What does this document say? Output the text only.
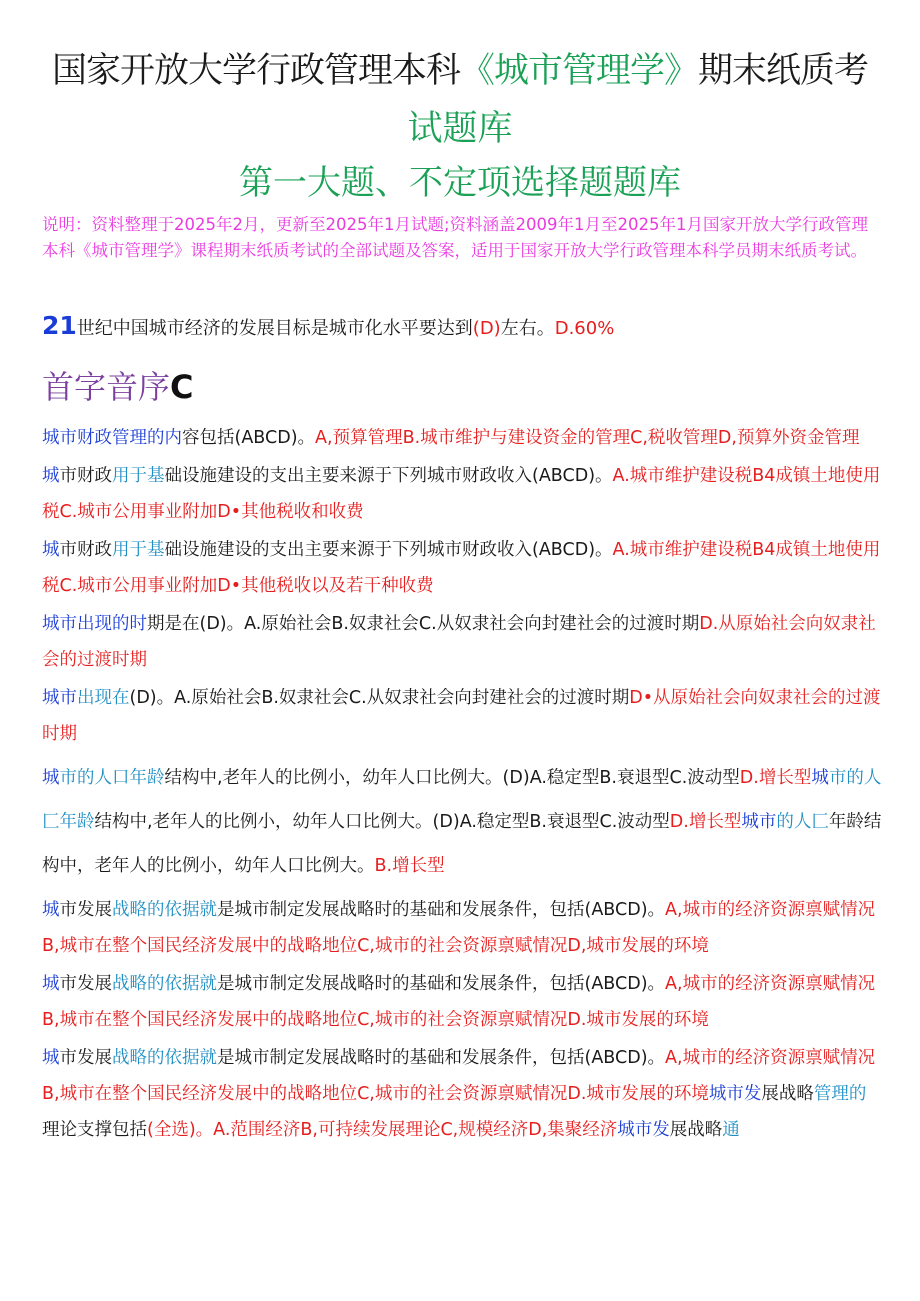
国家开放大学行政管理本科《城市管理学》期末纸质考
试题库
第一大题、不定项选择题题库
说明：资料整理于2025年2月，更新至2025年1月试题;资料涵盖2009年1月至2025年1月国家开放大学行政管理本科《城市管理学》课程期末纸质考试的全部试题及答案，适用于国家开放大学行政管理本科学员期末纸质考试。
21世纪中国城市经济的发展目标是城市化水平要达到(D)左右。D.60%
首字音序C

城市财政管理的内容包括(ABCD)。A,预算管理B.城市维护与建设资金的管理C,税收管理D,预算外资金管理

城市财政用于基础设施建设的支出主要来源于下列城市财政收入(ABCD)。A.城市维护建设税B4成镇土地使用税C.城市公用事业附加D•其他税收和收费

城市财政用于基础设施建设的支出主要来源于下列城市财政收入(ABCD)。A.城市维护建设税B4成镇土地使用税C.城市公用事业附加D•其他税收以及若干种收费

城市出现的时期是在(D)。A.原始社会B.奴隶社会C.从奴隶社会向封建社会的过渡时期D.从原始社会向奴隶社会的过渡时期

城市出现在(D)。A.原始社会B.奴隶社会C.从奴隶社会向封建社会的过渡时期D•从原始社会向奴隶社会的过渡时期

城市的人口年龄结构中,老年人的比例小，幼年人口比例大。(D)A.稳定型B.衰退型C.波动型D.增长型城市的人匚年龄结构中,老年人的比例小，幼年人口比例大。(D)A.稳定型B.衰退型C.波动型D.增长型城市的人匚年龄结构中，老年人的比例小，幼年人口比例大。B.增长型

城市发展战略的依据就是城市制定发展战略时的基础和发展条件，包括(ABCD)。A,城市的经济资源禀赋情况B,城市在整个国民经济发展中的战略地位C,城市的社会资源禀赋情况D,城市发展的环境

城市发展战略的依据就是城市制定发展战略时的基础和发展条件，包括(ABCD)。A,城市的经济资源禀赋情况B,城市在整个国民经济发展中的战略地位C,城市的社会资源禀赋情况D.城市发展的环境

城市发展战略的依据就是城市制定发展战略时的基础和发展条件，包括(ABCD)。A,城市的经济资源禀赋情况B,城市在整个国民经济发展中的战略地位C,城市的社会资源禀赋情况D.城市发展的环境城市发展战略管理的理论支撑包括(全选)。A.范围经济B,可持续发展理论C,规模经济D,集聚经济城市发展战略通
